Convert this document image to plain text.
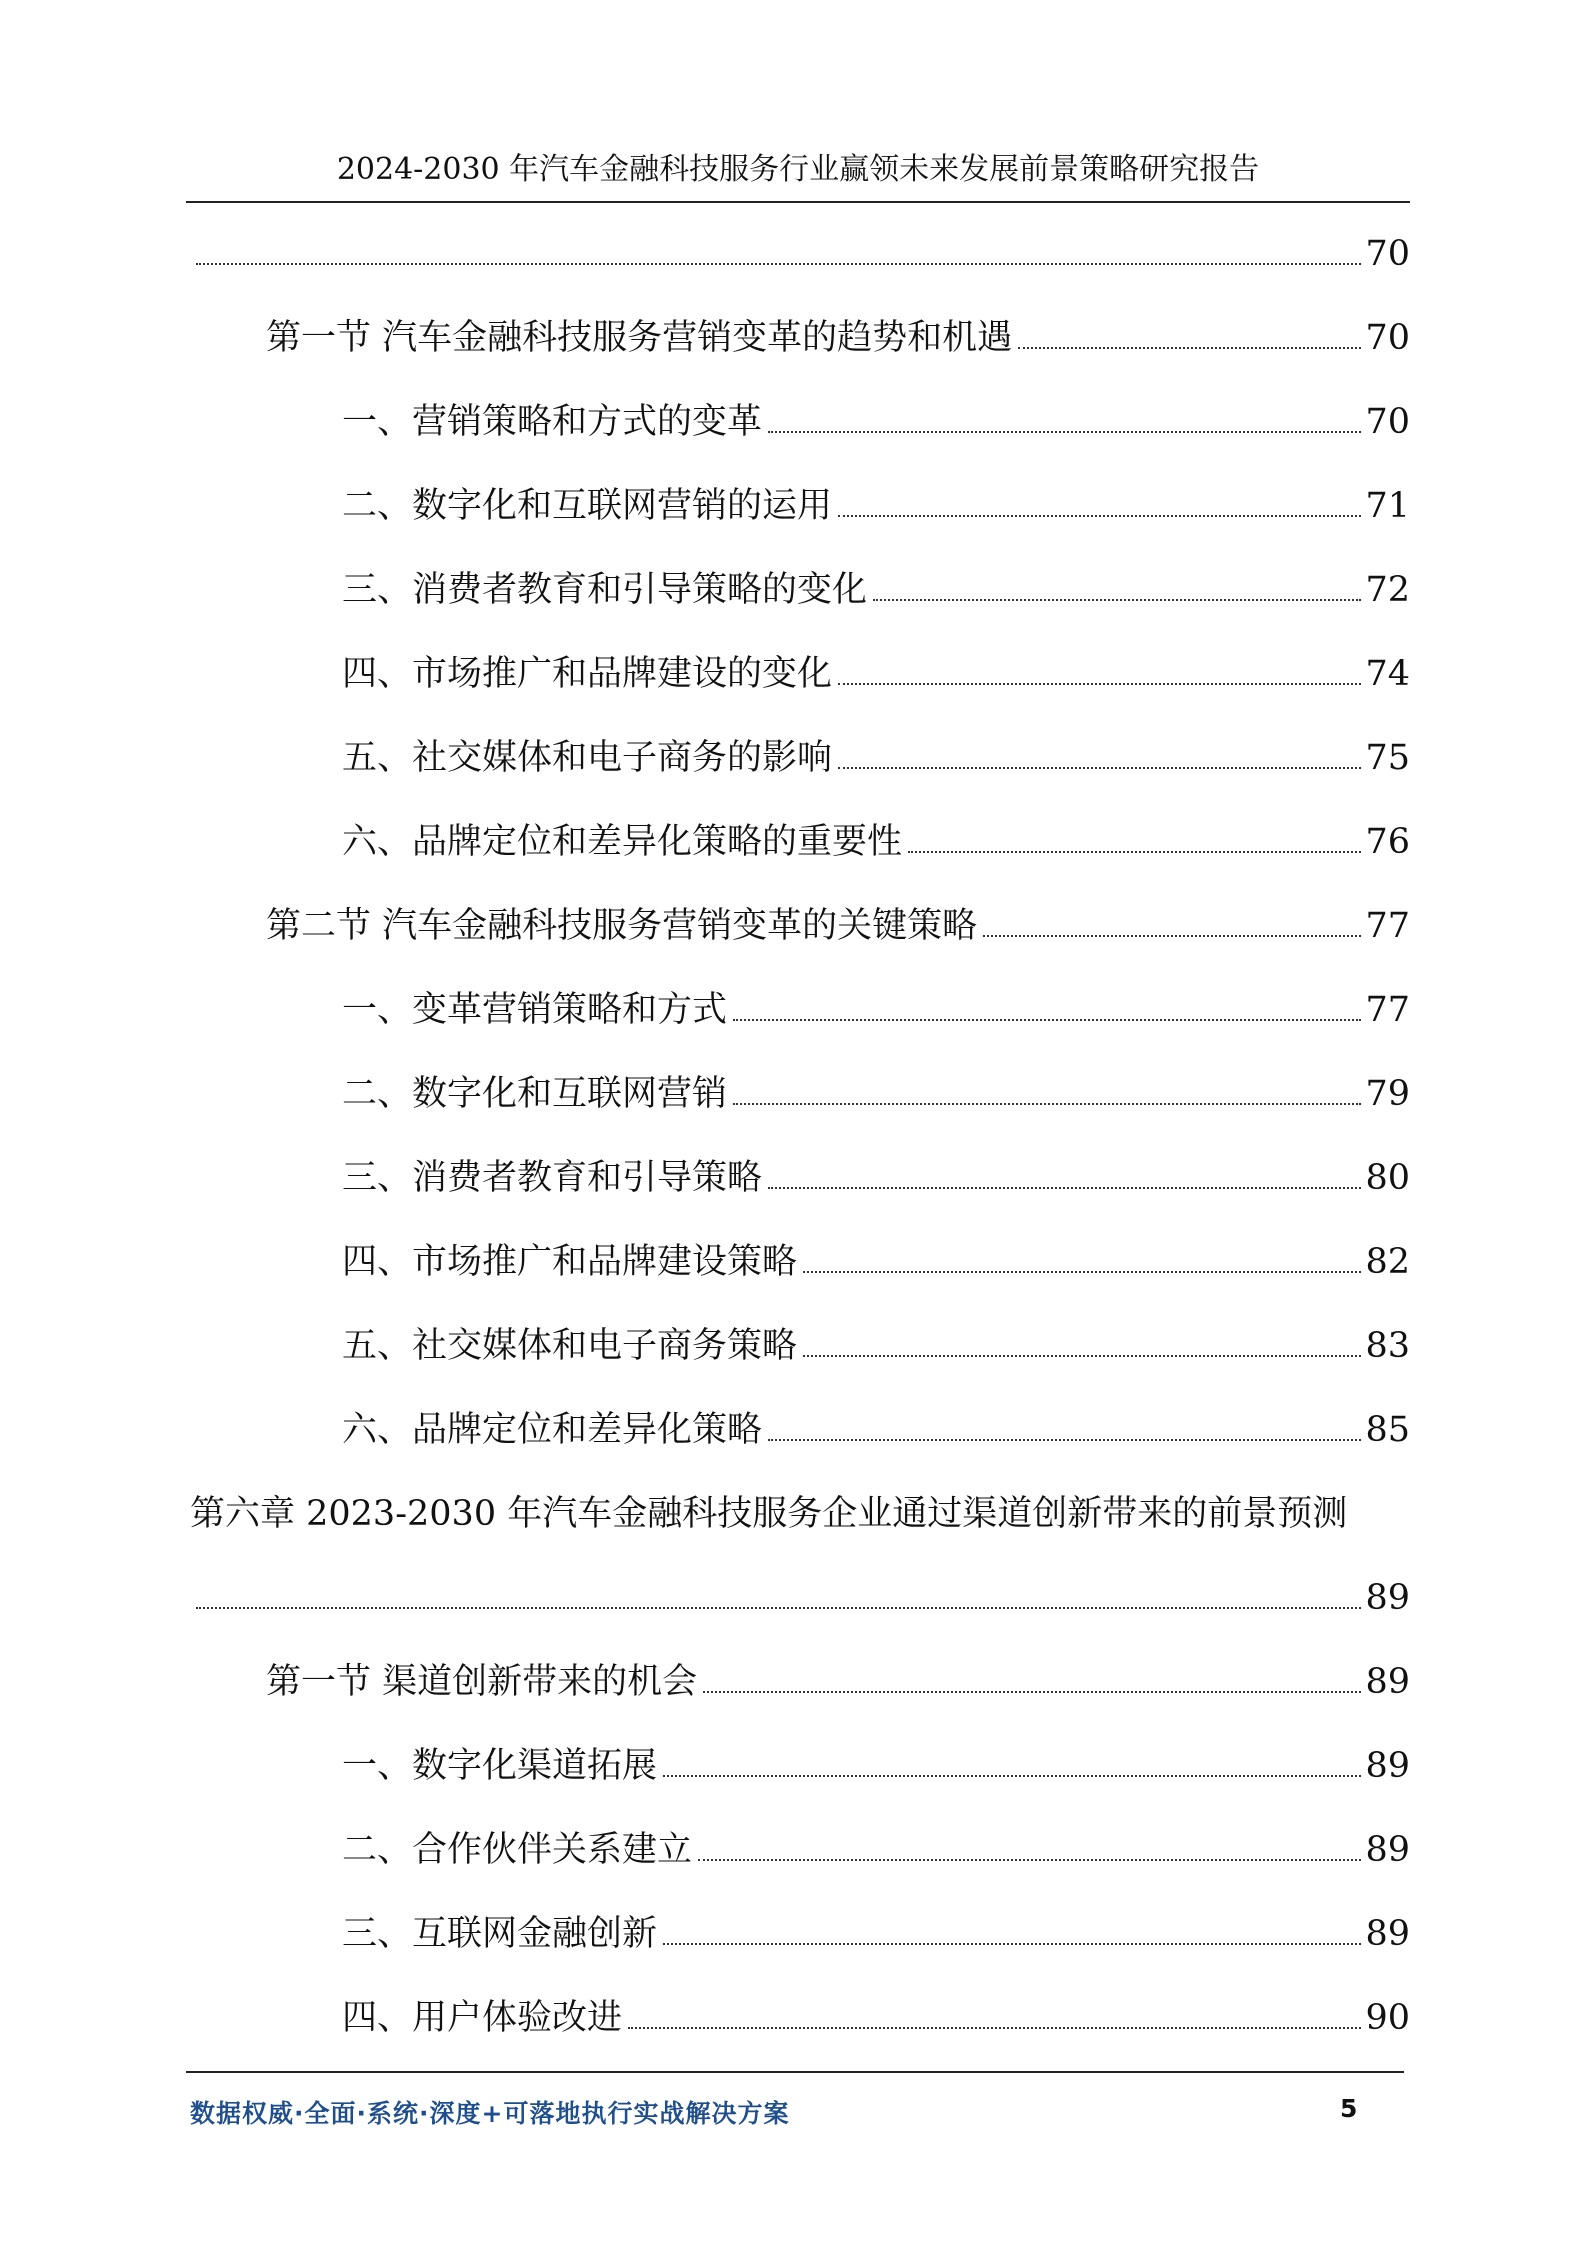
2024-2030 年汽车金融科技服务行业赢领未来发展前景策略研究报告
70
第一节 汽车金融科技服务营销变革的趋势和机遇	70
一、营销策略和方式的变革	70
二、数字化和互联网营销的运用	71
三、消费者教育和引导策略的变化	72
四、市场推广和品牌建设的变化	74
五、社交媒体和电子商务的影响	75
六、品牌定位和差异化策略的重要性	76
第二节 汽车金融科技服务营销变革的关键策略	77
一、变革营销策略和方式	77
二、数字化和互联网营销	79
三、消费者教育和引导策略	80
四、市场推广和品牌建设策略	82
五、社交媒体和电子商务策略	83
六、品牌定位和差异化策略	85
第六章 2023-2030 年汽车金融科技服务企业通过渠道创新带来的前景预测
89
第一节 渠道创新带来的机会	89
一、数字化渠道拓展	89
二、合作伙伴关系建立	89
三、互联网金融创新	89
四、用户体验改进	90
数据权威·全面·系统·深度+可落地执行实战解决方案	5
